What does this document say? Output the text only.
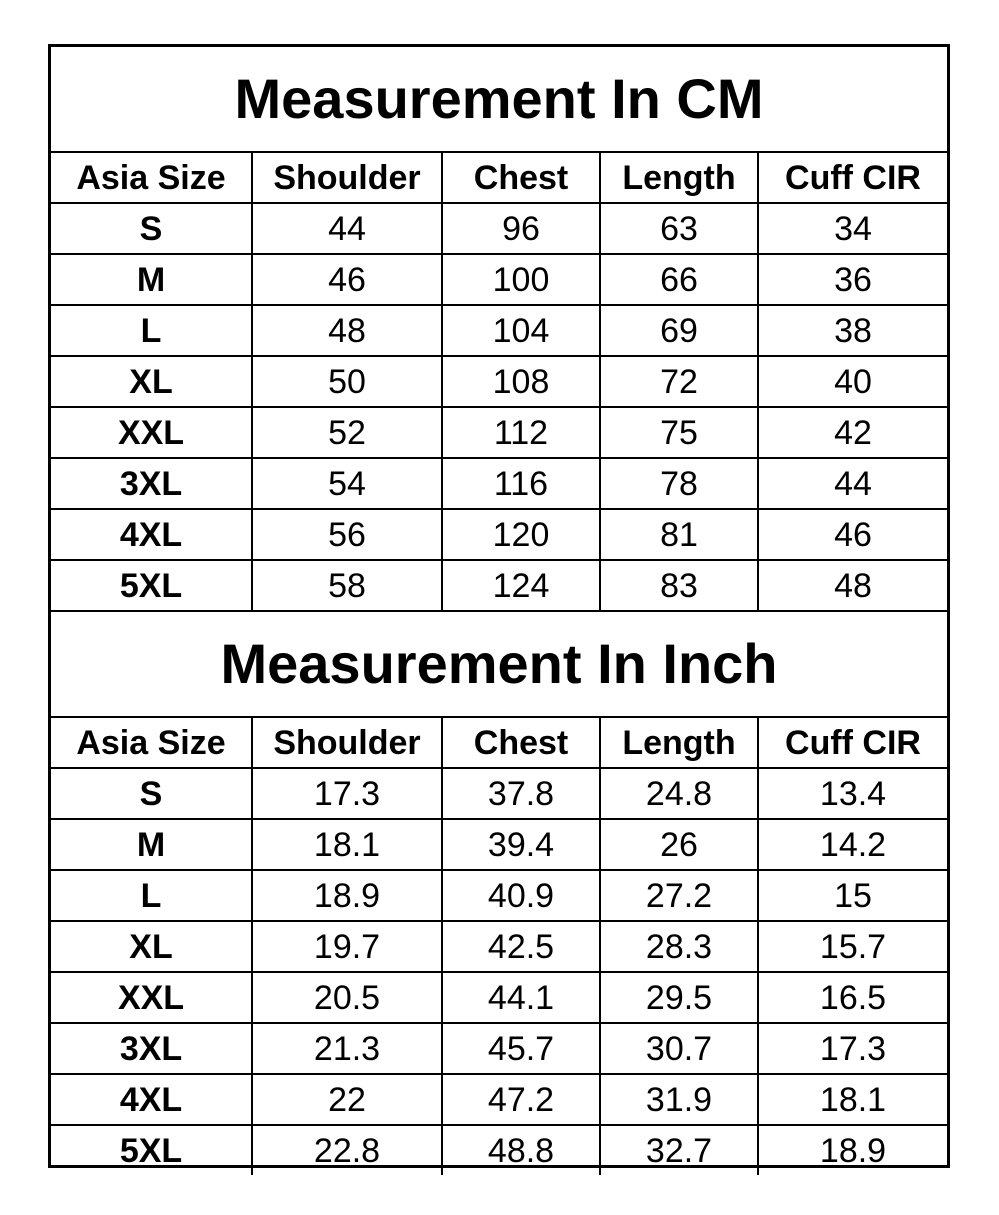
Measurement In CM				
Asia Size	Shoulder	Chest	Length	Cuff CIR
S	44	96	63	34
M	46	100	66	36
L	48	104	69	38
XL	50	108	72	40
XXL	52	112	75	42
3XL	54	116	78	44
4XL	56	120	81	46
5XL	58	124	83	48
Measurement In Inch				
Asia Size	Shoulder	Chest	Length	Cuff CIR
S	17.3	37.8	24.8	13.4
M	18.1	39.4	26	14.2
L	18.9	40.9	27.2	15
XL	19.7	42.5	28.3	15.7
XXL	20.5	44.1	29.5	16.5
3XL	21.3	45.7	30.7	17.3
4XL	22	47.2	31.9	18.1
5XL	22.8	48.8	32.7	18.9
